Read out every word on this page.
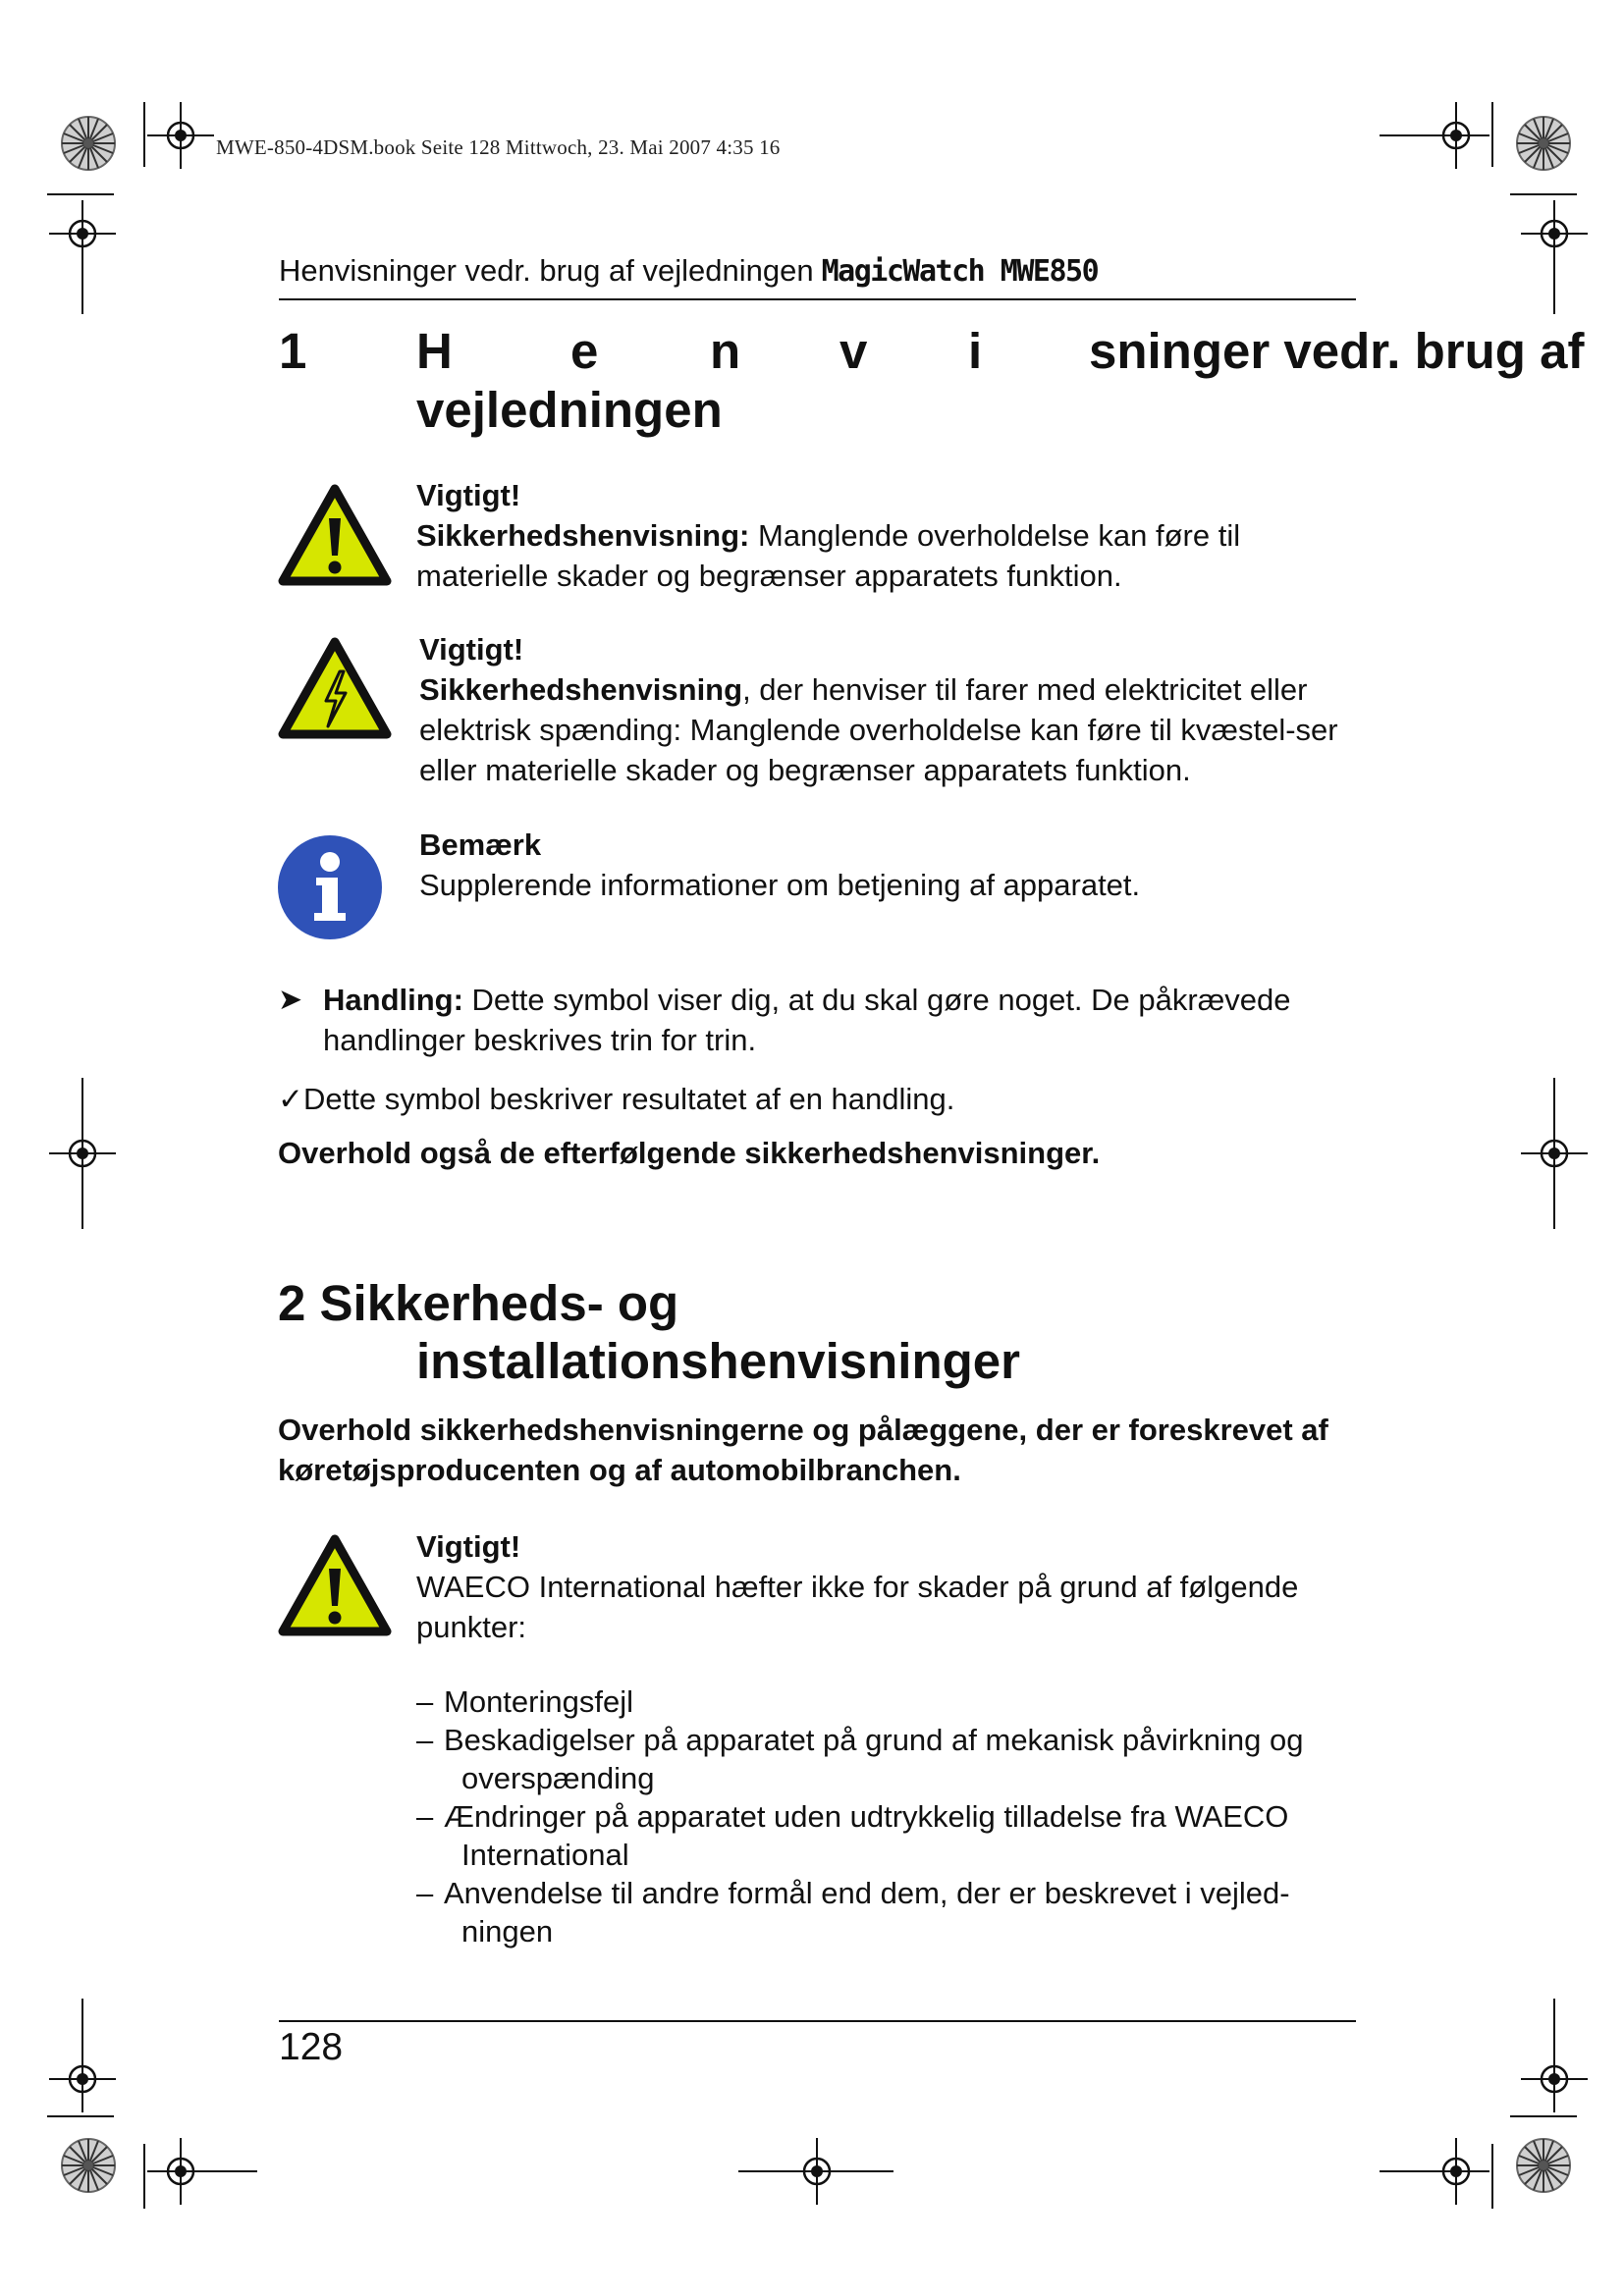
MWE-850-4DSM.book Seite 128 Mittwoch, 23. Mai 2007 4:35 16
Henvisninger vedr. brug af vejledningen MagicWatch MWE850
1 H e n v i sninger vedr. brug af
vejledningen
Vigtigt!
Sikkerhedshenvisning: Manglende overholdelse kan føre til materielle skader og begrænser apparatets funktion.
Vigtigt!
Sikkerhedshenvisning, der henviser til farer med elektricitet eller elektrisk spænding: Manglende overholdelse kan føre til kvæstel-ser eller materielle skader og begrænser apparatets funktion.
Bemærk
Supplerende informationer om betjening af apparatet.
➤ Handling: Dette symbol viser dig, at du skal gøre noget. De påkrævede handlinger beskrives trin for trin.
✓Dette symbol beskriver resultatet af en handling.
Overhold også de efterfølgende sikkerhedshenvisninger.
2 Sikkerheds- og
installationshenvisninger
Overhold sikkerhedshenvisningerne og pålæggene, der er foreskrevet af køretøjsproducenten og af automobilbranchen.
Vigtigt!
WAECO International hæfter ikke for skader på grund af følgende punkter:
– Monteringsfejl
– Beskadigelser på apparatet på grund af mekanisk påvirkning og
overspænding
– Ændringer på apparatet uden udtrykkelig tilladelse fra WAECO
International
– Anvendelse til andre formål end dem, der er beskrevet i vejled-
ningen
128
